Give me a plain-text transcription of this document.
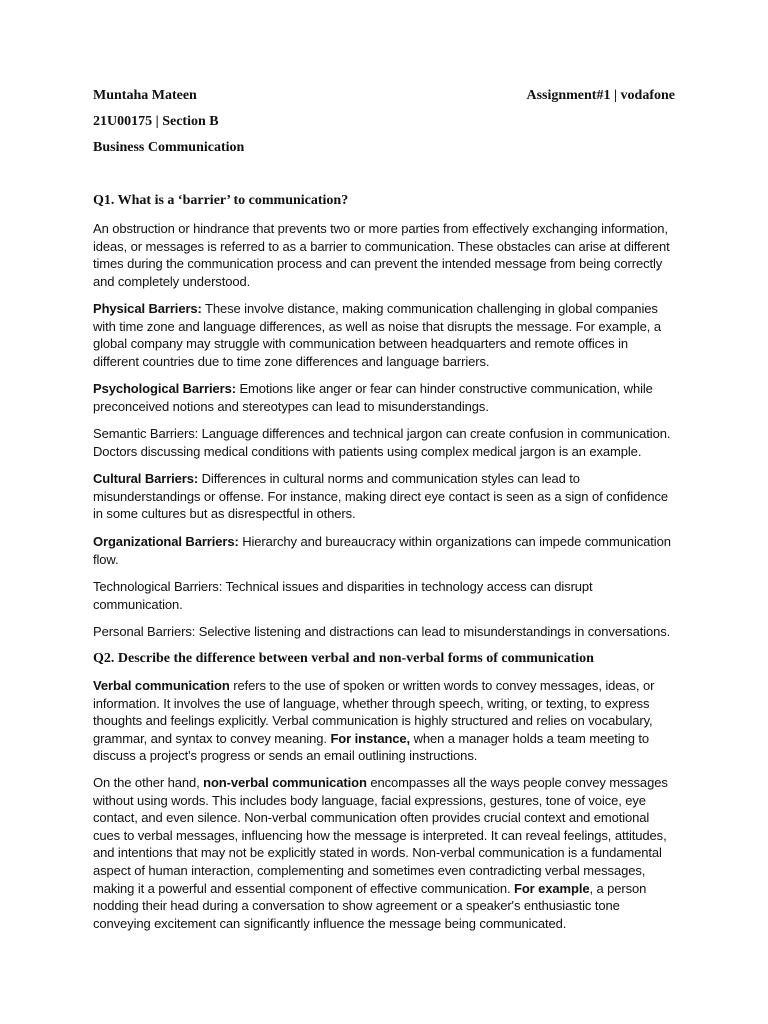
Muntaha Mateen	Assignment#1 | vodafone
21U00175 | Section B
Business Communication
Q1. What is a ‘barrier’ to communication?
An obstruction or hindrance that prevents two or more parties from effectively exchanging information, ideas, or messages is referred to as a barrier to communication. These obstacles can arise at different times during the communication process and can prevent the intended message from being correctly and completely understood.
Physical Barriers: These involve distance, making communication challenging in global companies with time zone and language differences, as well as noise that disrupts the message. For example, a global company may struggle with communication between headquarters and remote offices in different countries due to time zone differences and language barriers.
Psychological Barriers: Emotions like anger or fear can hinder constructive communication, while preconceived notions and stereotypes can lead to misunderstandings.
Semantic Barriers: Language differences and technical jargon can create confusion in communication. Doctors discussing medical conditions with patients using complex medical jargon is an example.
Cultural Barriers: Differences in cultural norms and communication styles can lead to misunderstandings or offense. For instance, making direct eye contact is seen as a sign of confidence in some cultures but as disrespectful in others.
Organizational Barriers: Hierarchy and bureaucracy within organizations can impede communication flow.
Technological Barriers: Technical issues and disparities in technology access can disrupt communication.
Personal Barriers: Selective listening and distractions can lead to misunderstandings in conversations.
Q2. Describe the difference between verbal and non-verbal forms of communication
Verbal communication refers to the use of spoken or written words to convey messages, ideas, or information. It involves the use of language, whether through speech, writing, or texting, to express thoughts and feelings explicitly. Verbal communication is highly structured and relies on vocabulary, grammar, and syntax to convey meaning. For instance, when a manager holds a team meeting to discuss a project's progress or sends an email outlining instructions.
On the other hand, non-verbal communication encompasses all the ways people convey messages without using words. This includes body language, facial expressions, gestures, tone of voice, eye contact, and even silence. Non-verbal communication often provides crucial context and emotional cues to verbal messages, influencing how the message is interpreted. It can reveal feelings, attitudes, and intentions that may not be explicitly stated in words. Non-verbal communication is a fundamental aspect of human interaction, complementing and sometimes even contradicting verbal messages, making it a powerful and essential component of effective communication. For example, a person nodding their head during a conversation to show agreement or a speaker's enthusiastic tone conveying excitement can significantly influence the message being communicated.
